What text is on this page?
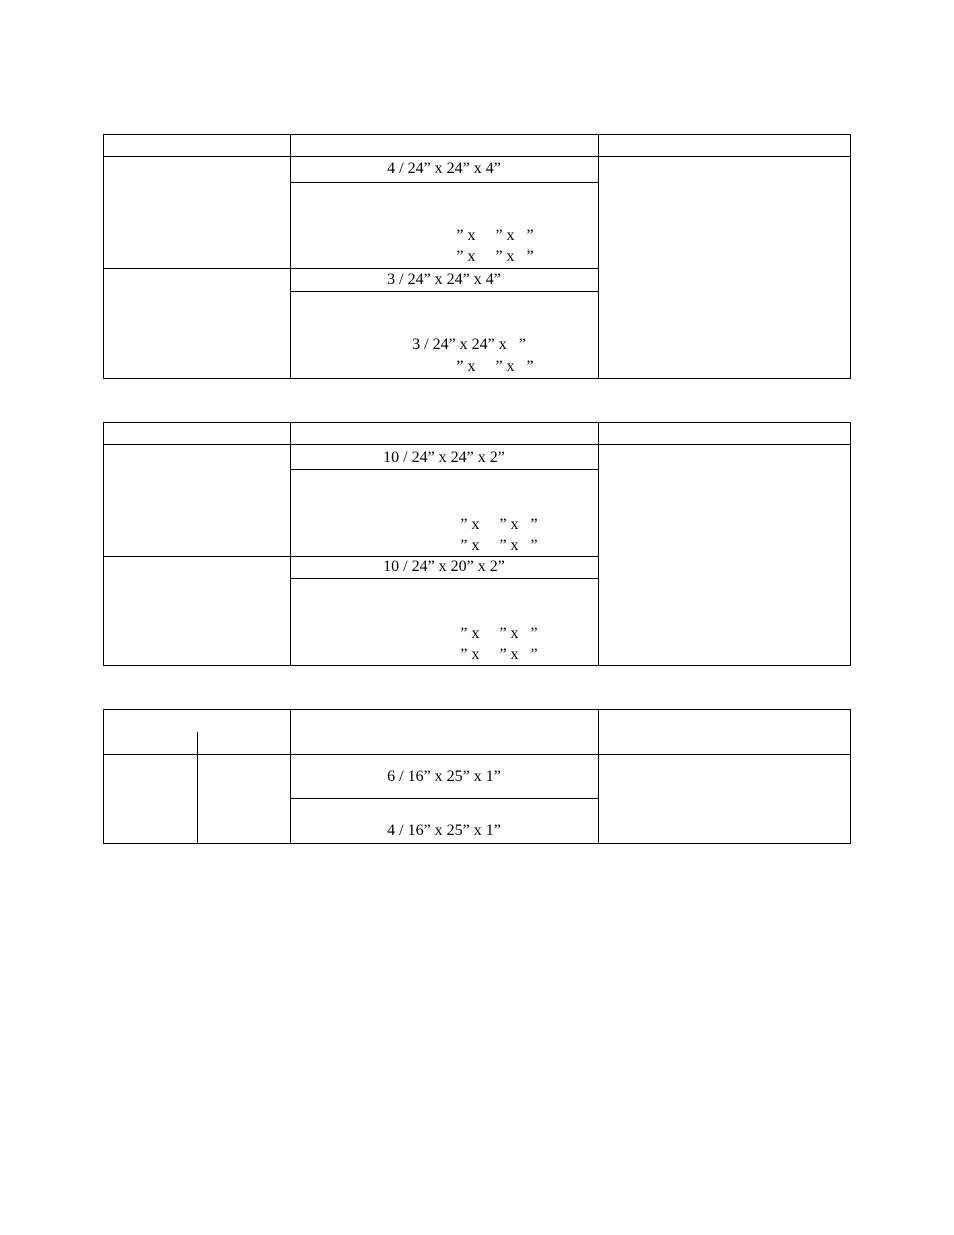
4 / 24” x 24” x 4”
” x     ” x   ”
” x     ” x   ”
3 / 24” x 24” x 4”
3 / 24” x 24” x   ”
” x     ” x   ”
10 / 24” x 24” x 2”
” x     ” x   ”
” x     ” x   ”
10 / 24” x 20” x 2”
” x     ” x   ”
” x     ” x   ”
6 / 16” x 25” x 1”
4 / 16” x 25” x 1”
